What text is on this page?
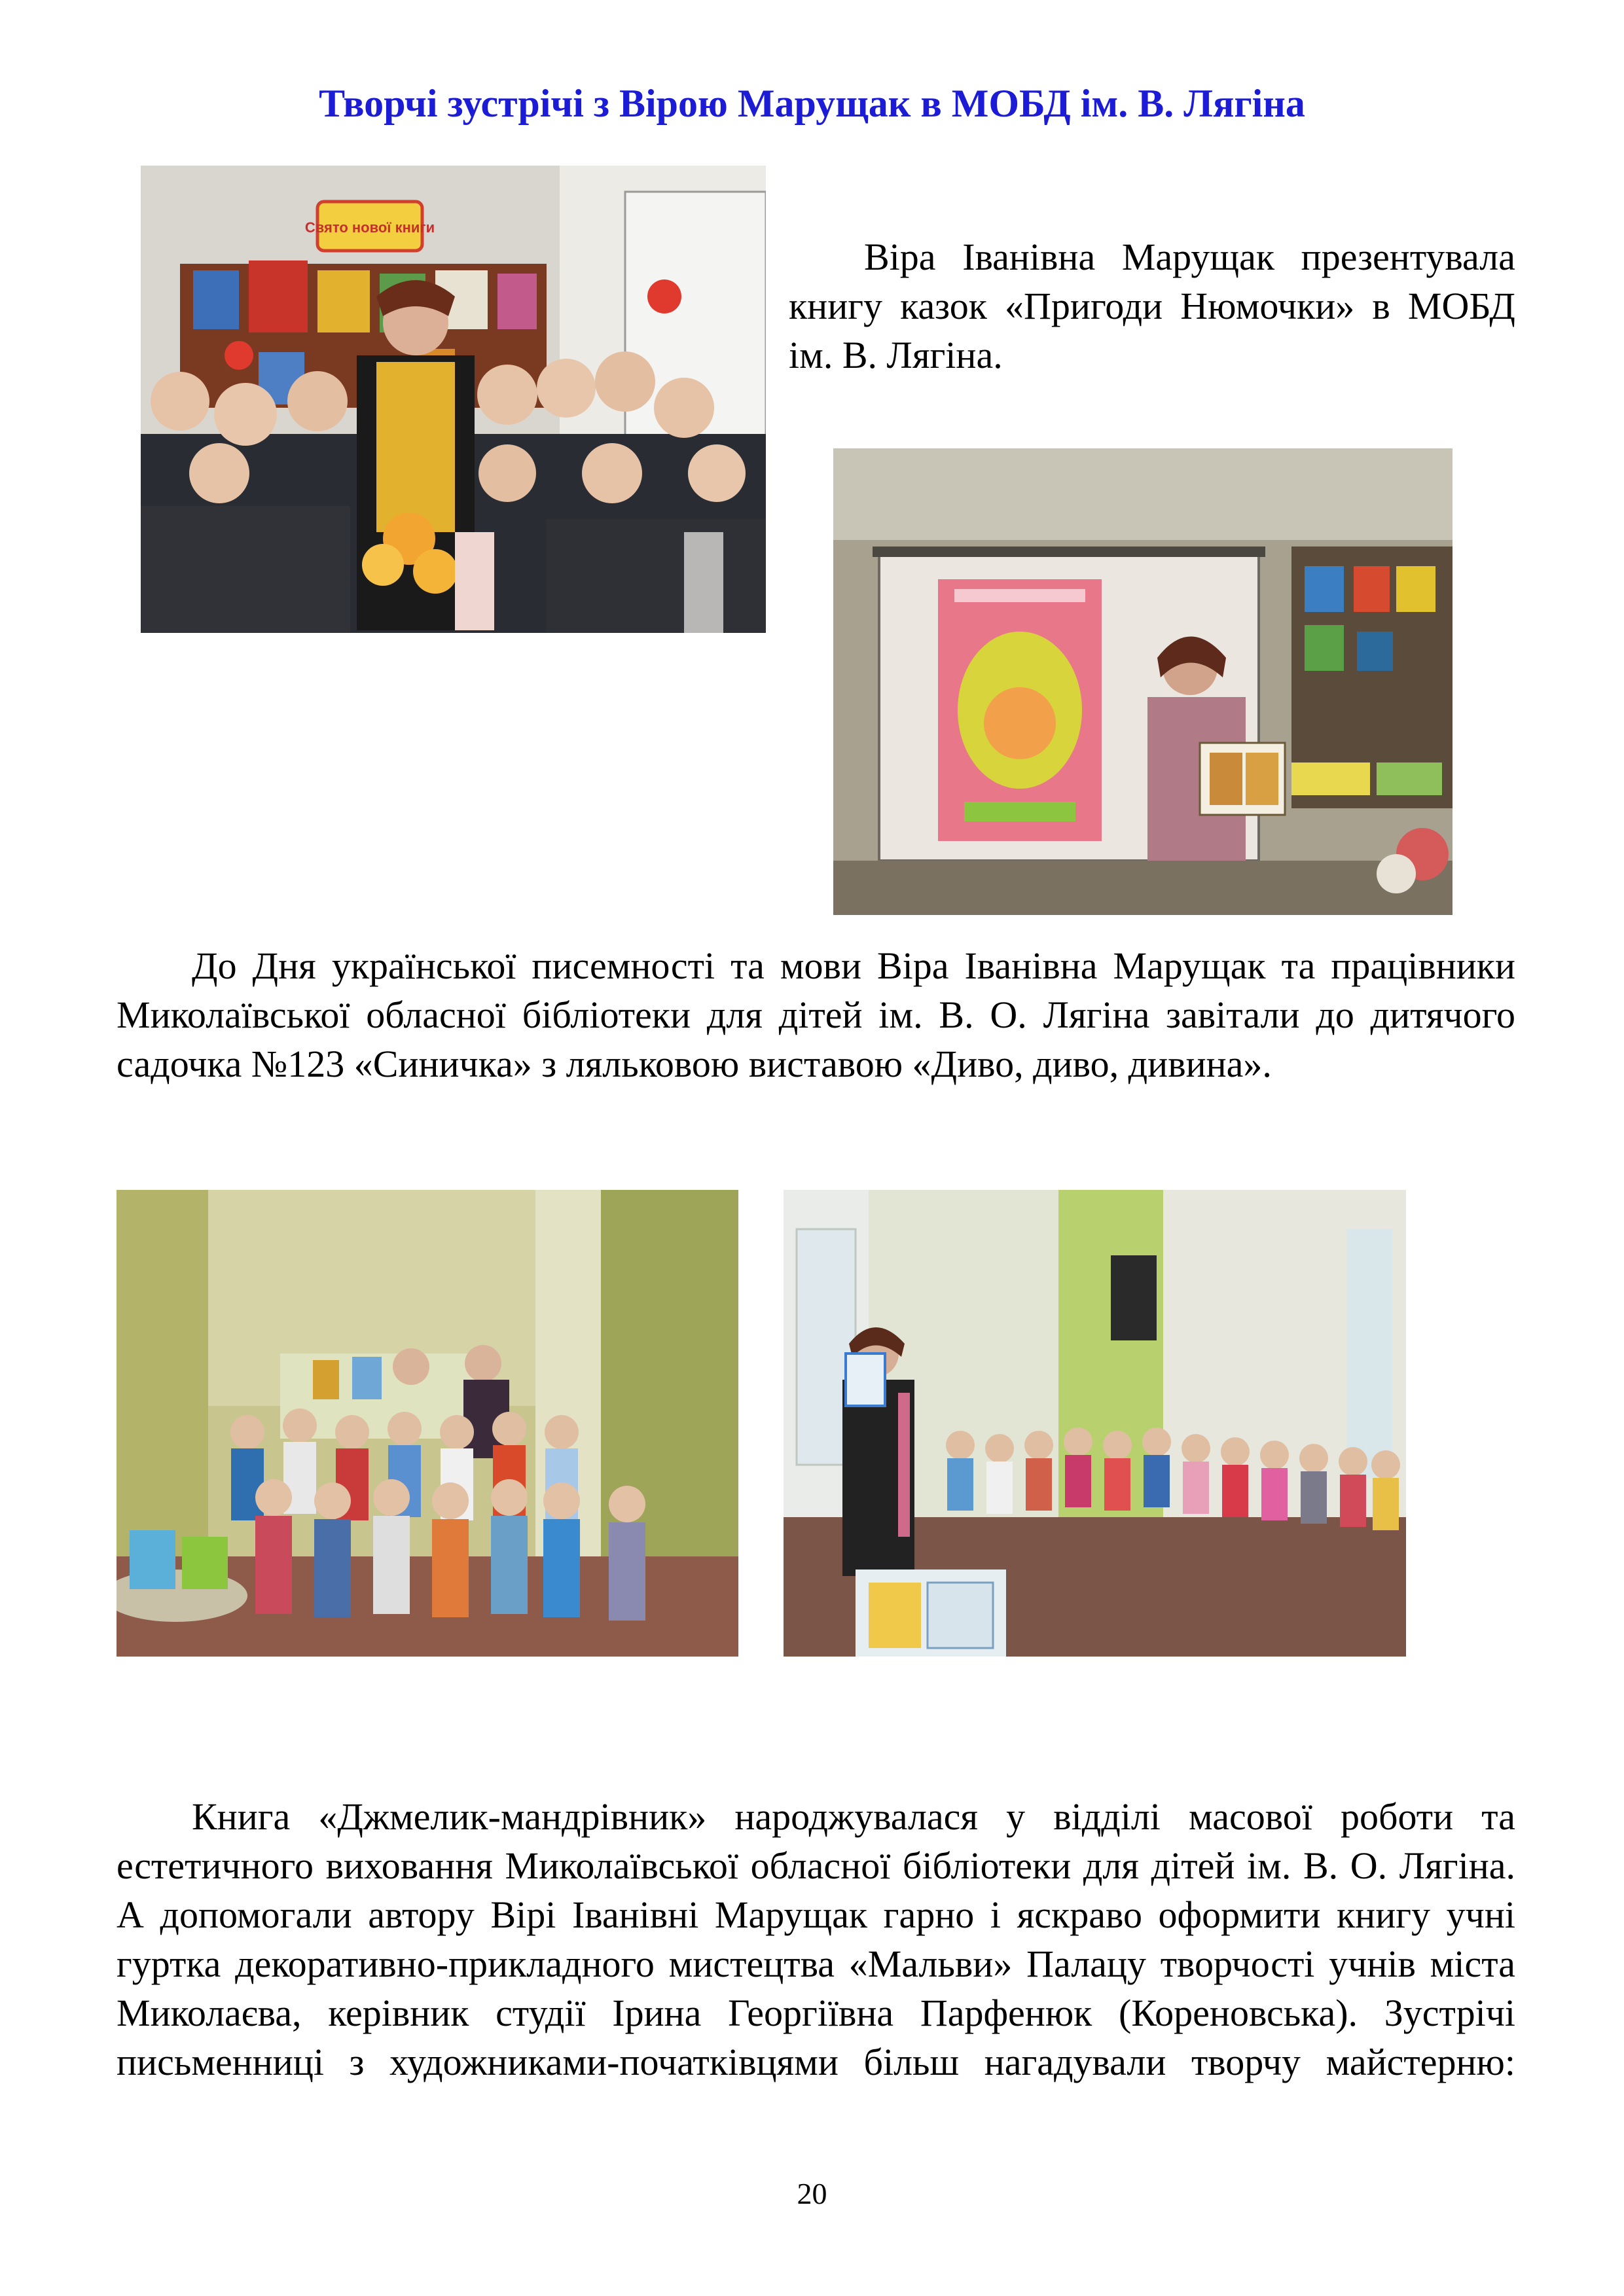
Творчі зустрічі з Вірою Марущак в МОБД ім. В. Лягіна
Свято нової книги

Віра Іванівна Марущак презентувала книгу казок «Пригоди Нюмочки» в МОБД ім. В. Лягіна.

До Дня української писемності та мови Віра Іванівна Марущак та працівники Миколаївської обласної бібліотеки для дітей ім. В. О. Лягіна завітали до дитячого садочка №123 «Синичка» з ляльковою виставою «Диво, диво, дивина».

Книга «Джмелик-мандрівник» народжувалася у відділі масової роботи та естетичного виховання Миколаївської обласної бібліотеки для дітей ім. В. О. Лягіна. А допомогали автору Вірі Іванівні Марущак гарно і яскраво оформити книгу учні гуртка декоративно-прикладного мистецтва «Мальви» Палацу творчості учнів міста Миколаєва, керівник студії Ірина Георгіївна Парфенюк (Кореновська). Зустрічі письменниці з художниками-початківцями більш нагадували творчу майстерню:

20
